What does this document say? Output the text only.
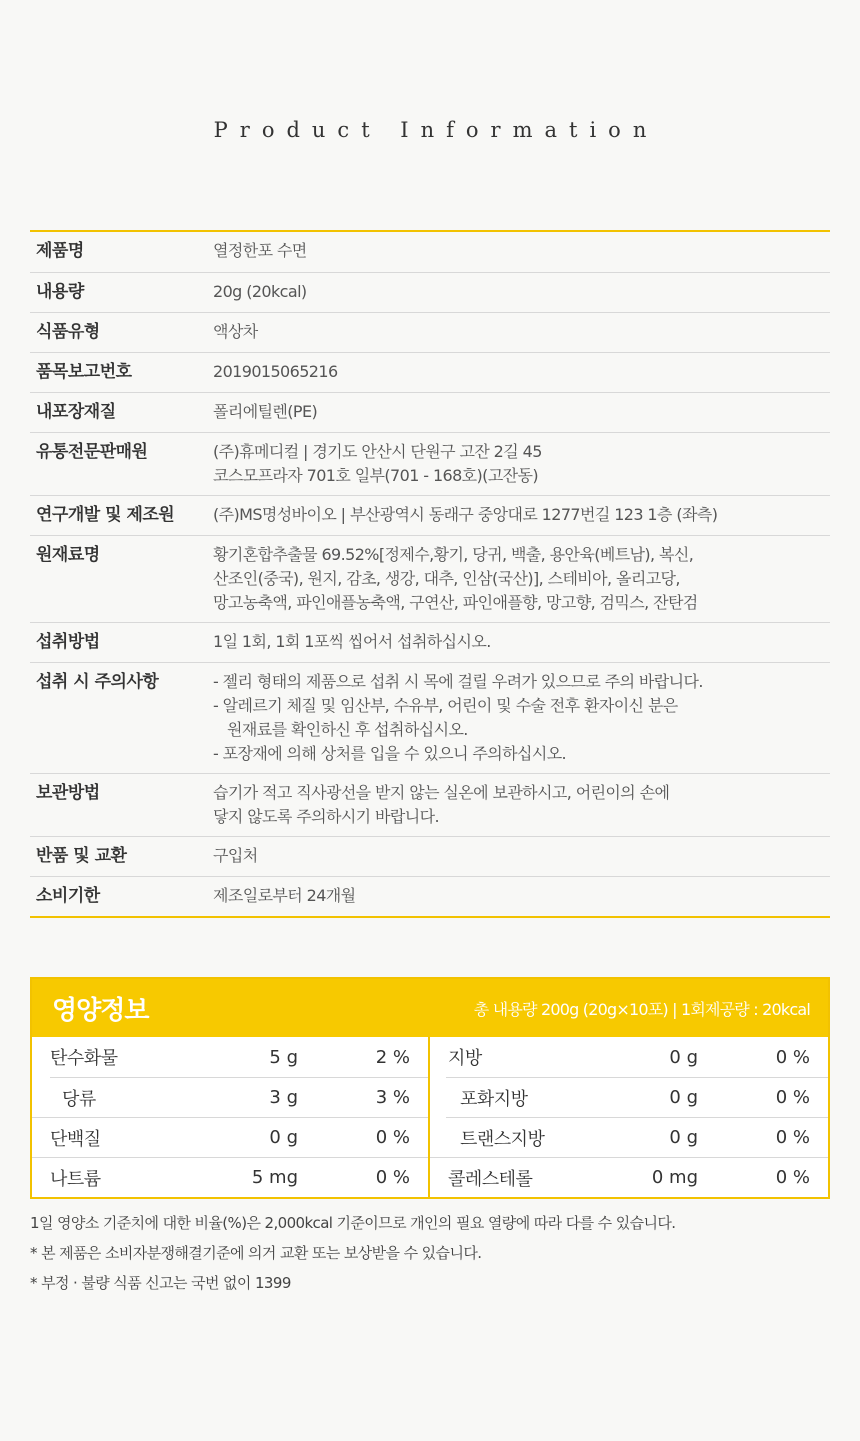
Product Information
제품명	열정한포 수면
내용량	20g (20kcal)
식품유형	액상차
품목보고번호	2019015065216
내포장재질	폴리에틸렌(PE)
유통전문판매원	(주)휴메디컬 | 경기도 안산시 단원구 고잔 2길 45
코스모프라자 701호 일부(701 - 168호)(고잔동)
연구개발 및 제조원	(주)MS명성바이오 | 부산광역시 동래구 중앙대로 1277번길 123 1층 (좌측)
원재료명	황기혼합추출물 69.52%[정제수,황기, 당귀, 백출, 용안육(베트남), 복신,
산조인(중국), 원지, 감초, 생강, 대추, 인삼(국산)], 스테비아, 올리고당,
망고농축액, 파인애플농축액, 구연산, 파인애플향, 망고향, 검믹스, 잔탄검
섭취방법	1일 1회, 1회 1포씩 씹어서 섭취하십시오.
섭취 시 주의사항	- 젤리 형태의 제품으로 섭취 시 목에 걸릴 우려가 있으므로 주의 바랍니다.
- 알레르기 체질 및 임산부, 수유부, 어린이 및 수술 전후 환자이신 분은
원재료를 확인하신 후 섭취하십시오.
- 포장재에 의해 상처를 입을 수 있으니 주의하십시오.
보관방법	습기가 적고 직사광선을 받지 않는 실온에 보관하시고, 어린이의 손에
닿지 않도록 주의하시기 바랍니다.
반품 및 교환	구입처
소비기한	제조일로부터 24개월
영양정보	총 내용량 200g (20g×10포) | 1회제공량 : 20kcal
탄수화물	5 g	2 %
당류	3 g	3 %
단백질	0 g	0 %
나트륨	5 mg	0 %
지방	0 g	0 %
포화지방	0 g	0 %
트랜스지방	0 g	0 %
콜레스테롤	0 mg	0 %

1일 영양소 기준치에 대한 비율(%)은 2,000kcal 기준이므로 개인의 필요 열량에 따라 다를 수 있습니다.

* 본 제품은 소비자분쟁해결기준에 의거 교환 또는 보상받을 수 있습니다.

* 부정 · 불량 식품 신고는 국번 없이 1399
